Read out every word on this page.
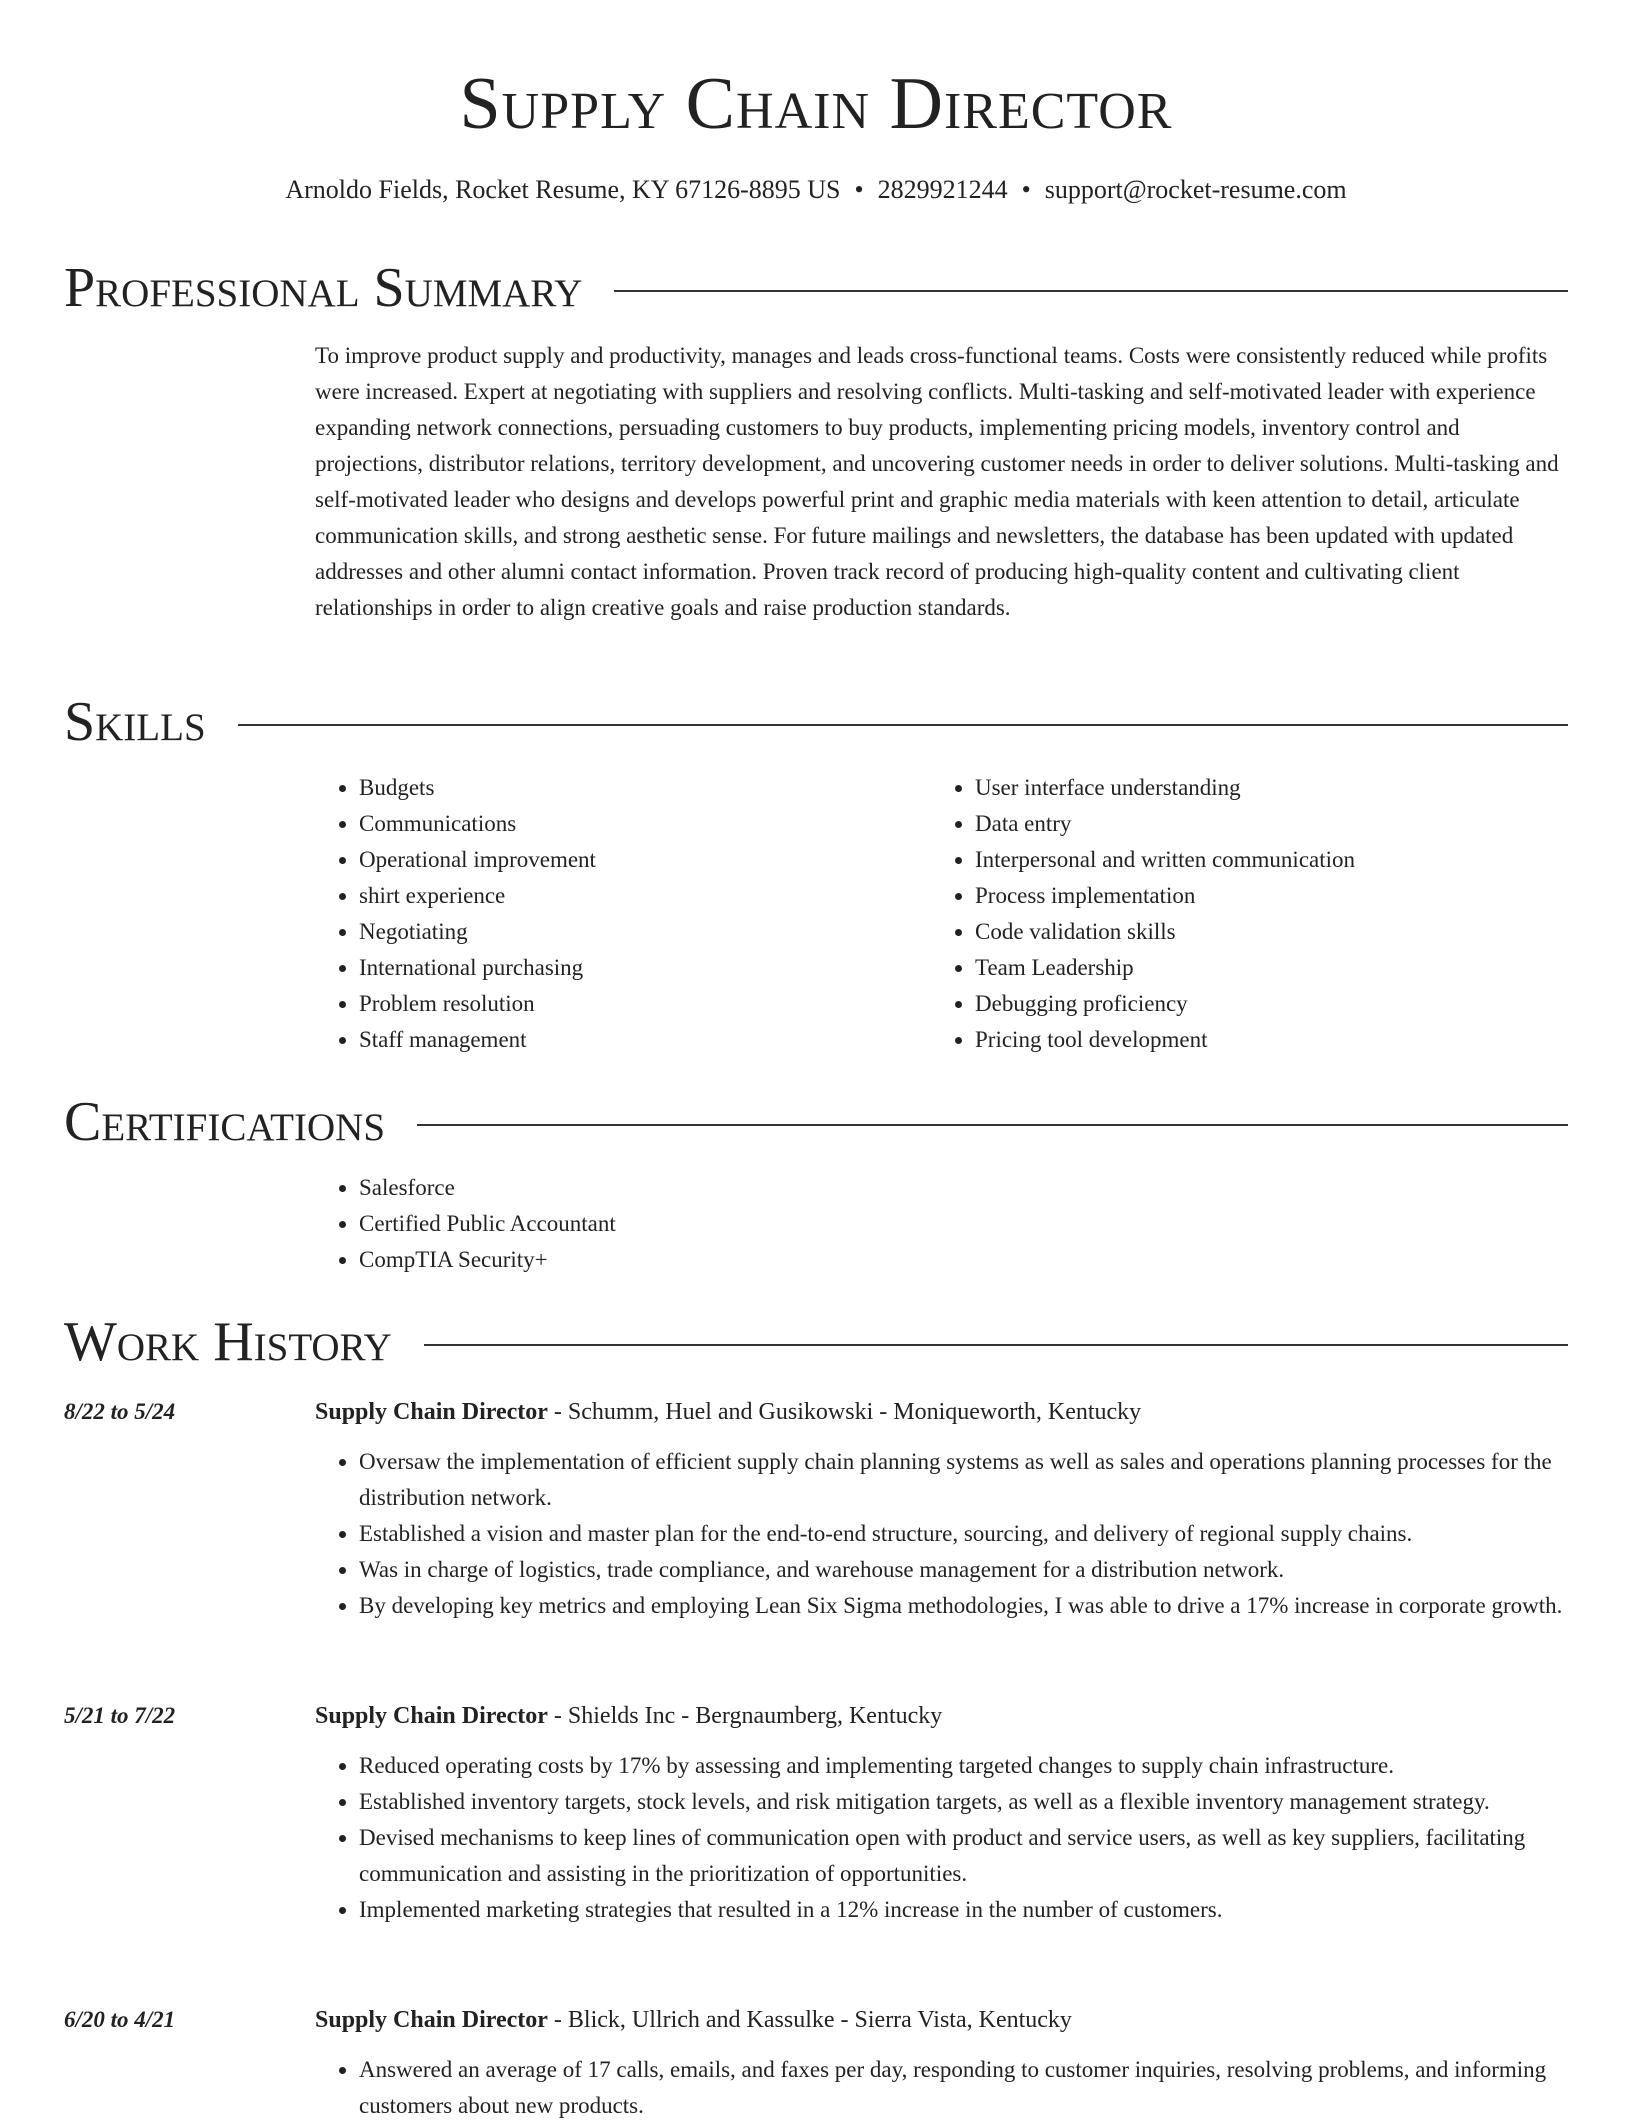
Supply Chain Director
Arnoldo Fields, Rocket Resume, KY 67126-8895 US • 2829921244 • support@rocket-resume.com
Professional Summary
To improve product supply and productivity, manages and leads cross-functional teams. Costs were consistently reduced while profits were increased. Expert at negotiating with suppliers and resolving conflicts. Multi-tasking and self-motivated leader with experience expanding network connections, persuading customers to buy products, implementing pricing models, inventory control and projections, distributor relations, territory development, and uncovering customer needs in order to deliver solutions. Multi-tasking and self-motivated leader who designs and develops powerful print and graphic media materials with keen attention to detail, articulate communication skills, and strong aesthetic sense. For future mailings and newsletters, the database has been updated with updated addresses and other alumni contact information. Proven track record of producing high-quality content and cultivating client relationships in order to align creative goals and raise production standards.
Skills
• Budgets
• Communications
• Operational improvement
• shirt experience
• Negotiating
• International purchasing
• Problem resolution
• Staff management
• User interface understanding
• Data entry
• Interpersonal and written communication
• Process implementation
• Code validation skills
• Team Leadership
• Debugging proficiency
• Pricing tool development
Certifications
• Salesforce
• Certified Public Accountant
• CompTIA Security+
Work History
8/22 to 5/24	Supply Chain Director - Schumm, Huel and Gusikowski - Moniqueworth, Kentucky
• Oversaw the implementation of efficient supply chain planning systems as well as sales and operations planning processes for the distribution network.
• Established a vision and master plan for the end-to-end structure, sourcing, and delivery of regional supply chains.
• Was in charge of logistics, trade compliance, and warehouse management for a distribution network.
• By developing key metrics and employing Lean Six Sigma methodologies, I was able to drive a 17% increase in corporate growth.
5/21 to 7/22	Supply Chain Director - Shields Inc - Bergnaumberg, Kentucky
• Reduced operating costs by 17% by assessing and implementing targeted changes to supply chain infrastructure.
• Established inventory targets, stock levels, and risk mitigation targets, as well as a flexible inventory management strategy.
• Devised mechanisms to keep lines of communication open with product and service users, as well as key suppliers, facilitating communication and assisting in the prioritization of opportunities.
• Implemented marketing strategies that resulted in a 12% increase in the number of customers.
6/20 to 4/21	Supply Chain Director - Blick, Ullrich and Kassulke - Sierra Vista, Kentucky
• Answered an average of 17 calls, emails, and faxes per day, responding to customer inquiries, resolving problems, and informing customers about new products.
